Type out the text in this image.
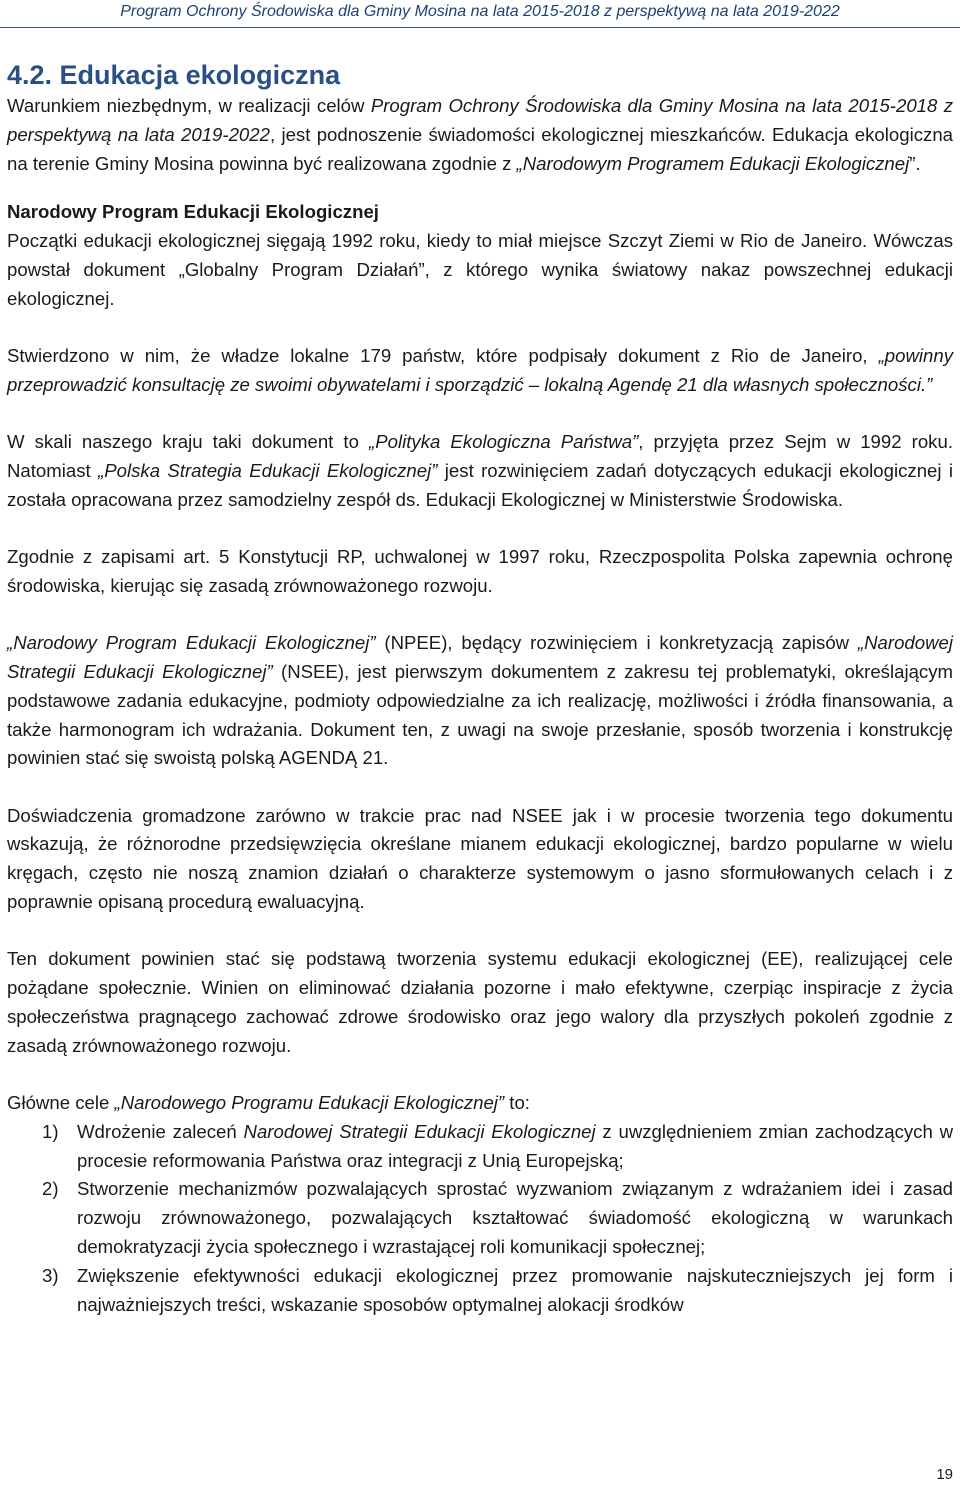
Program Ochrony Środowiska dla Gminy Mosina na lata 2015-2018 z perspektywą na lata 2019-2022
4.2. Edukacja ekologiczna

Warunkiem niezbędnym, w realizacji celów Program Ochrony Środowiska dla Gminy Mosina na lata 2015-2018 z perspektywą na lata 2019-2022, jest podnoszenie świadomości ekologicznej mieszkańców. Edukacja ekologiczna na terenie Gminy Mosina powinna być realizowana zgodnie z „Narodowym Programem Edukacji Ekologicznej”.

Narodowy Program Edukacji Ekologicznej

Początki edukacji ekologicznej sięgają 1992 roku, kiedy to miał miejsce Szczyt Ziemi w Rio de Janeiro. Wówczas powstał dokument „Globalny Program Działań”, z którego wynika światowy nakaz powszechnej edukacji ekologicznej.

Stwierdzono w nim, że władze lokalne 179 państw, które podpisały dokument z Rio de Janeiro, „powinny przeprowadzić konsultację ze swoimi obywatelami i sporządzić – lokalną Agendę 21 dla własnych społeczności.”

W skali naszego kraju taki dokument to „Polityka Ekologiczna Państwa”, przyjęta przez Sejm w 1992 roku. Natomiast „Polska Strategia Edukacji Ekologicznej” jest rozwinięciem zadań dotyczących edukacji ekologicznej i została opracowana przez samodzielny zespół ds. Edukacji Ekologicznej w Ministerstwie Środowiska.

Zgodnie z zapisami art. 5 Konstytucji RP, uchwalonej w 1997 roku, Rzeczpospolita Polska zapewnia ochronę środowiska, kierując się zasadą zrównoważonego rozwoju.

„Narodowy Program Edukacji Ekologicznej” (NPEE), będący rozwinięciem i konkretyzacją zapisów „Narodowej Strategii Edukacji Ekologicznej” (NSEE), jest pierwszym dokumentem z zakresu tej problematyki, określającym podstawowe zadania edukacyjne, podmioty odpowiedzialne za ich realizację, możliwości i źródła finansowania, a także harmonogram ich wdrażania. Dokument ten, z uwagi na swoje przesłanie, sposób tworzenia i konstrukcję powinien stać się swoistą polską AGENDĄ 21.

Doświadczenia gromadzone zarówno w trakcie prac nad NSEE jak i w procesie tworzenia tego dokumentu wskazują, że różnorodne przedsięwzięcia określane mianem edukacji ekologicznej, bardzo popularne w wielu kręgach, często nie noszą znamion działań o charakterze systemowym o jasno sformułowanych celach i z poprawnie opisaną procedurą ewaluacyjną.

Ten dokument powinien stać się podstawą tworzenia systemu edukacji ekologicznej (EE), realizującej cele pożądane społecznie. Winien on eliminować działania pozorne i mało efektywne, czerpiąc inspiracje z życia społeczeństwa pragnącego zachować zdrowe środowisko oraz jego walory dla przyszłych pokoleń zgodnie z zasadą zrównoważonego rozwoju.

Główne cele „Narodowego Programu Edukacji Ekologicznej” to:

1) Wdrożenie zaleceń Narodowej Strategii Edukacji Ekologicznej z uwzględnieniem zmian zachodzących w procesie reformowania Państwa oraz integracji z Unią Europejską;
2) Stworzenie mechanizmów pozwalających sprostać wyzwaniom związanym z wdrażaniem idei i zasad rozwoju zrównoważonego, pozwalających kształtować świadomość ekologiczną w warunkach demokratyzacji życia społecznego i wzrastającej roli komunikacji społecznej;
3) Zwiększenie efektywności edukacji ekologicznej przez promowanie najskuteczniejszych jej form i najważniejszych treści, wskazanie sposobów optymalnej alokacji środków
19
